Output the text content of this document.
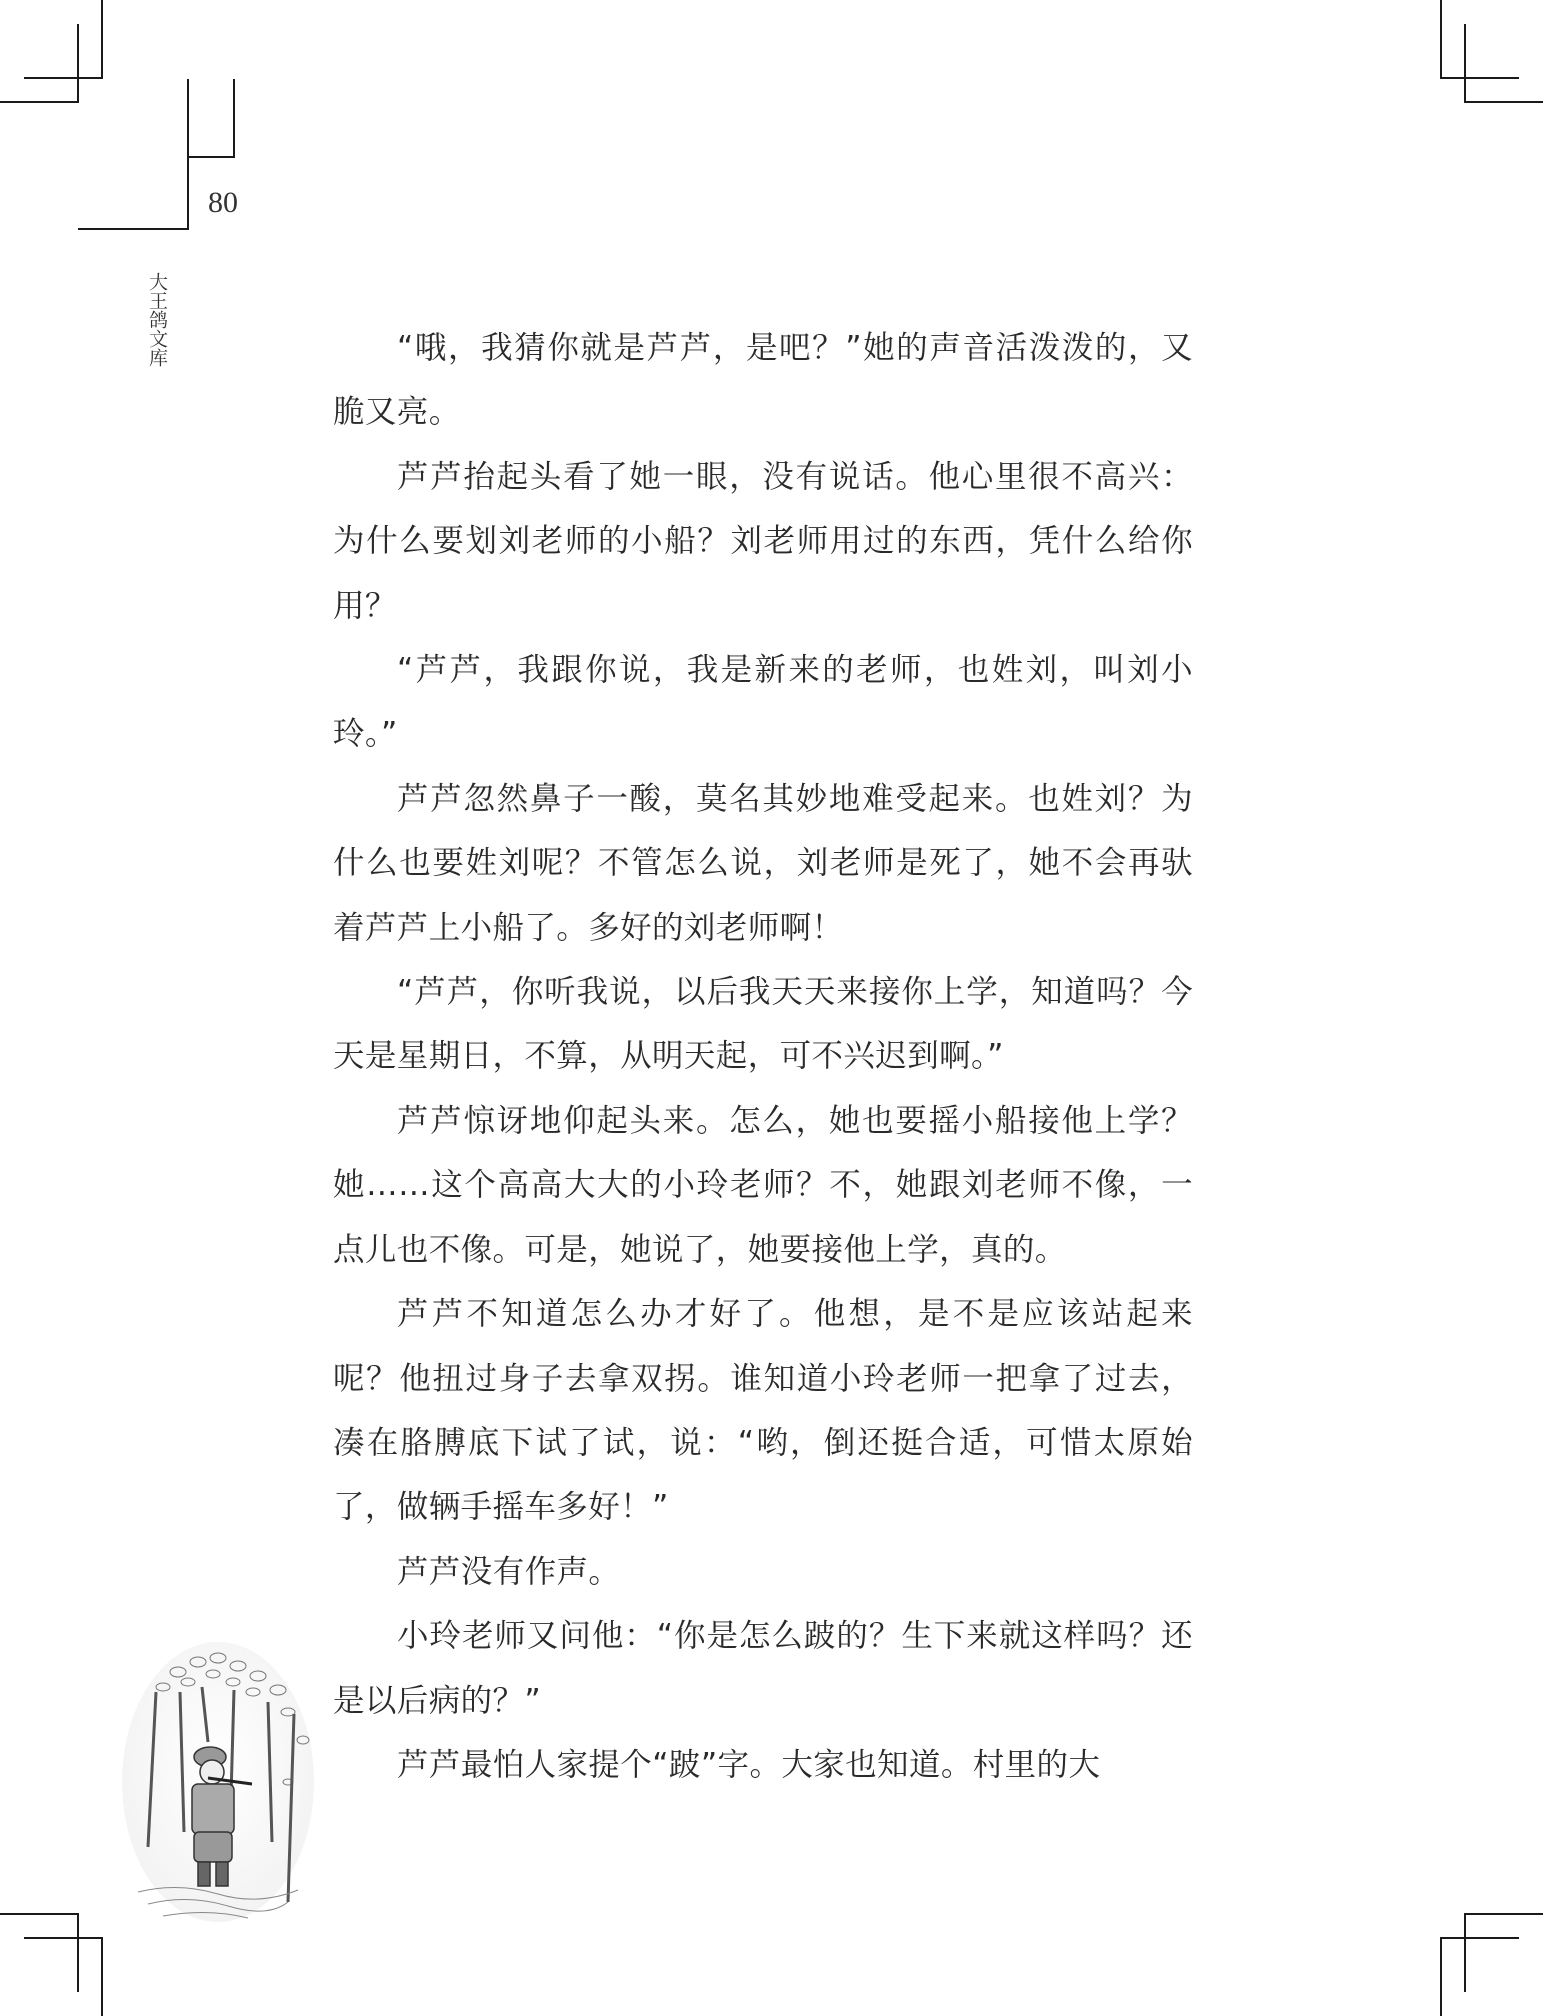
80
大王鸽文库	“哦，我猜你就是芦芦，是吧？”她的声音活泼泼的，又脆又亮。

芦芦抬起头看了她一眼，没有说话。他心里很不高兴：为什么要划刘老师的小船？刘老师用过的东西，凭什么给你用？

“芦芦，我跟你说，我是新来的老师，也姓刘，叫刘小玲。”

芦芦忽然鼻子一酸，莫名其妙地难受起来。也姓刘？为什么也要姓刘呢？不管怎么说，刘老师是死了，她不会再驮着芦芦上小船了。多好的刘老师啊！

“芦芦，你听我说，以后我天天来接你上学，知道吗？今天是星期日，不算，从明天起，可不兴迟到啊。”

芦芦惊讶地仰起头来。怎么，她也要摇小船接他上学？她……这个高高大大的小玲老师？不，她跟刘老师不像，一点儿也不像。可是，她说了，她要接他上学，真的。

芦芦不知道怎么办才好了。他想，是不是应该站起来呢？他扭过身子去拿双拐。谁知道小玲老师一把拿了过去，凑在胳膊底下试了试，说：“哟，倒还挺合适，可惜太原始了，做辆手摇车多好！”

芦芦没有作声。

小玲老师又问他：“你是怎么跛的？生下来就这样吗？还是以后病的？”

芦芦最怕人家提个“跛”字。大家也知道。村里的大
